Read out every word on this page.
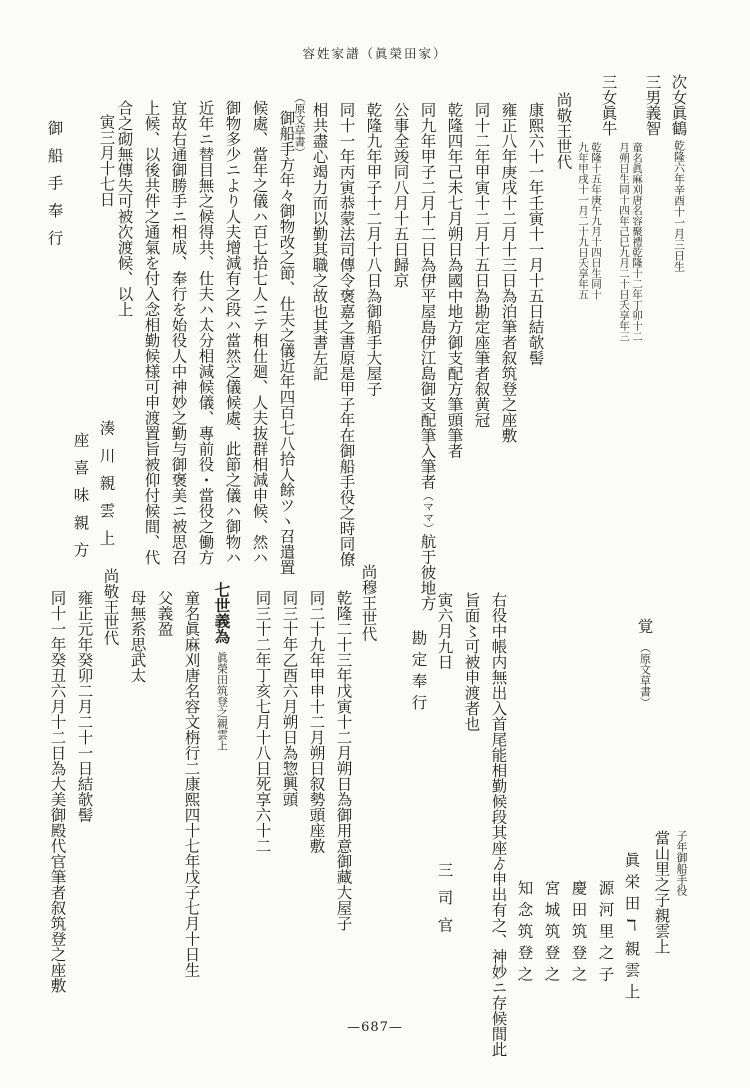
容姓家譜（眞榮田家）
次女眞鶴乾隆六年辛酉十一月三日生
三男義智
童名眞麻刈唐名容聚禮乾隆十二年丁卯十二
月朔日生同十四年己巳九月二十日夭享年三
三女眞牛
乾隆十五年庚午九月十四日生同十
九年甲戌十一月二十九日夭享年五
尚敬王世代
康熙六十一年壬寅十一月十五日結欹髻
雍正八年庚戌十二月十三日為泊筆者叙筑登之座敷
同十二年甲寅十二月十五日為勘定座筆者叙黄冠
乾隆四年己未七月朔日為國中地方御支配方筆頭筆者
同九年甲子二月十二日為伊平屋島伊江島御支配筆入筆者（ママ）航于彼地方
公事全竣同八月十五日歸京
乾隆九年甲子十二月十八日為御船手大屋子
同十一年丙寅恭蒙法司傳令褒嘉之書原是甲子年在御船手役之時同僚
相共盡心竭力而以勤其職之故也其書左記
（原文草書）
御船手方年々御物改之節、仕夫之儀近年四百七八拾人餘ツヽ召遣置
候處、當年之儀ハ百七拾七人ニテ相仕廻、人夫抜群相減申候、然ハ
御物多少ニより人夫增減有之段ハ當然之儀候處、此節之儀ハ御物ハ
近年ニ替目無之候得共、仕夫ハ太分相減候儀、專前役・當役之働方
宜故右通御勝手ニ相成、奉行を始役人中神妙之勤与御褒美ニ被思召
上候、以後共件之通氣を付入念相勤候様可申渡置旨被仰付候間、代
合之砌無傳失可被次渡候、以上
寅三月十七日
湊川親雲上
座喜味親方
御船手奉行
子年御船手役
當山里之子親雲上
眞栄田ℸ親雲上
源河里之子
慶田筑登之
宮城筑登之
知念筑登之
覚（原文草書）
右役中帳内無出入首尾能相勤候段其座ゟ申出有之、神妙ニ存候間此
旨面〻可被申渡者也
寅六月九日
三司官
勘定奉行
尚穆王世代
乾隆二十三年戊寅十二月朔日為御用意御藏大屋子
同二十九年甲申十二月朔日叙勢頭座敷
同三十年乙酉六月朔日為惣興頭
同三十二年丁亥七月十八日死享六十二
七世義為眞榮田筑登之親雲上
童名眞麻刈唐名容文栴行二康熙四十七年戊子七月十日生
父義盈
母無系思武太
尚敬王世代
雍正元年癸卯二月二十一日結欹髻
同十一年癸丑六月十二日為大美御殿代官筆者叙筑登之座敷
—687—
